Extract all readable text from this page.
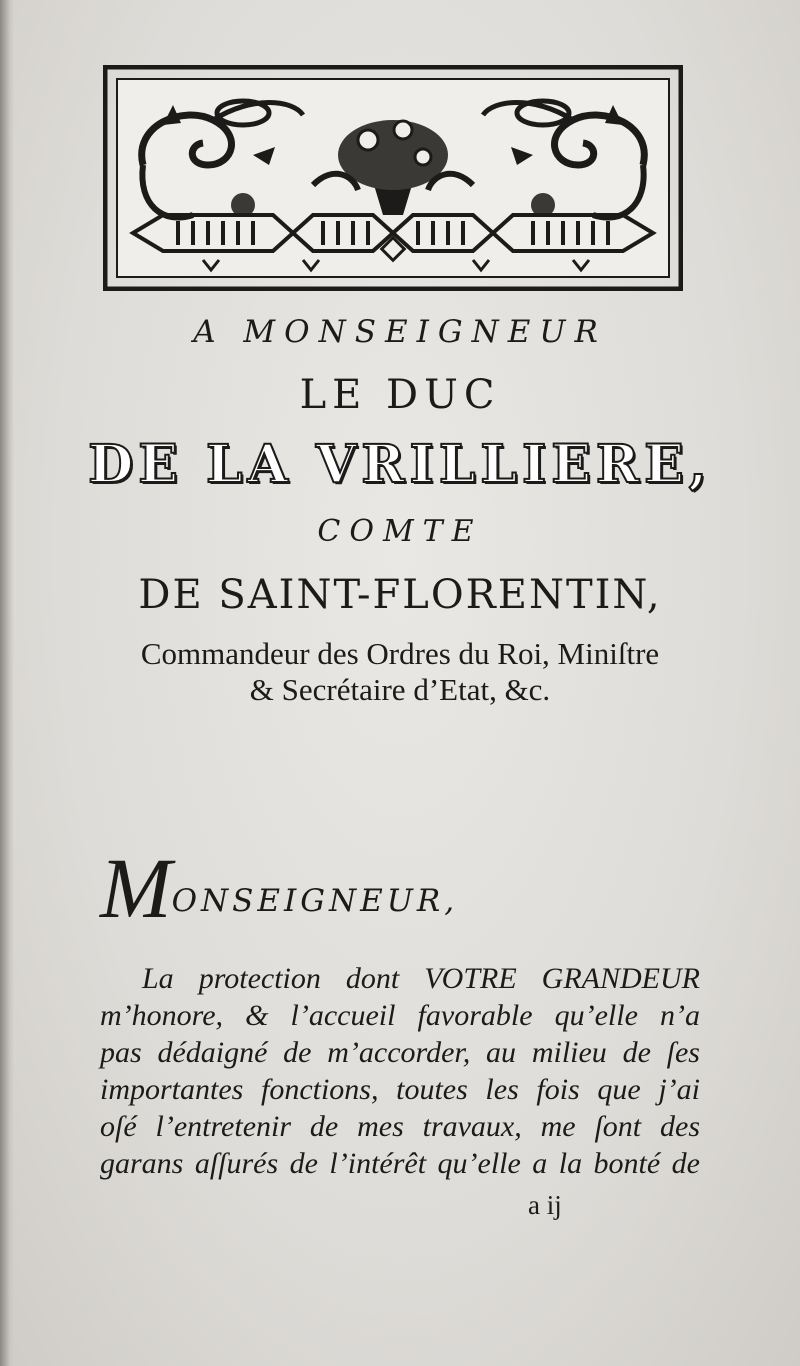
A MONSEIGNEUR
LE DUC
DE LA VRILLIERE,
COMTE
DE SAINT-FLORENTIN,
Commandeur des Ordres du Roi, Miniſtre
& Secrétaire d’Etat, &c.
MONSEIGNEUR,
La protection dont VOTRE GRANDEUR
m’honore, & l’accueil favorable qu’elle n’a
pas dédaigné de m’accorder, au milieu de ſes
importantes fonctions, toutes les fois que j’ai
oſé l’entretenir de mes travaux, me ſont des
garans aſſurés de l’intérêt qu’elle a la bonté de
a ij
